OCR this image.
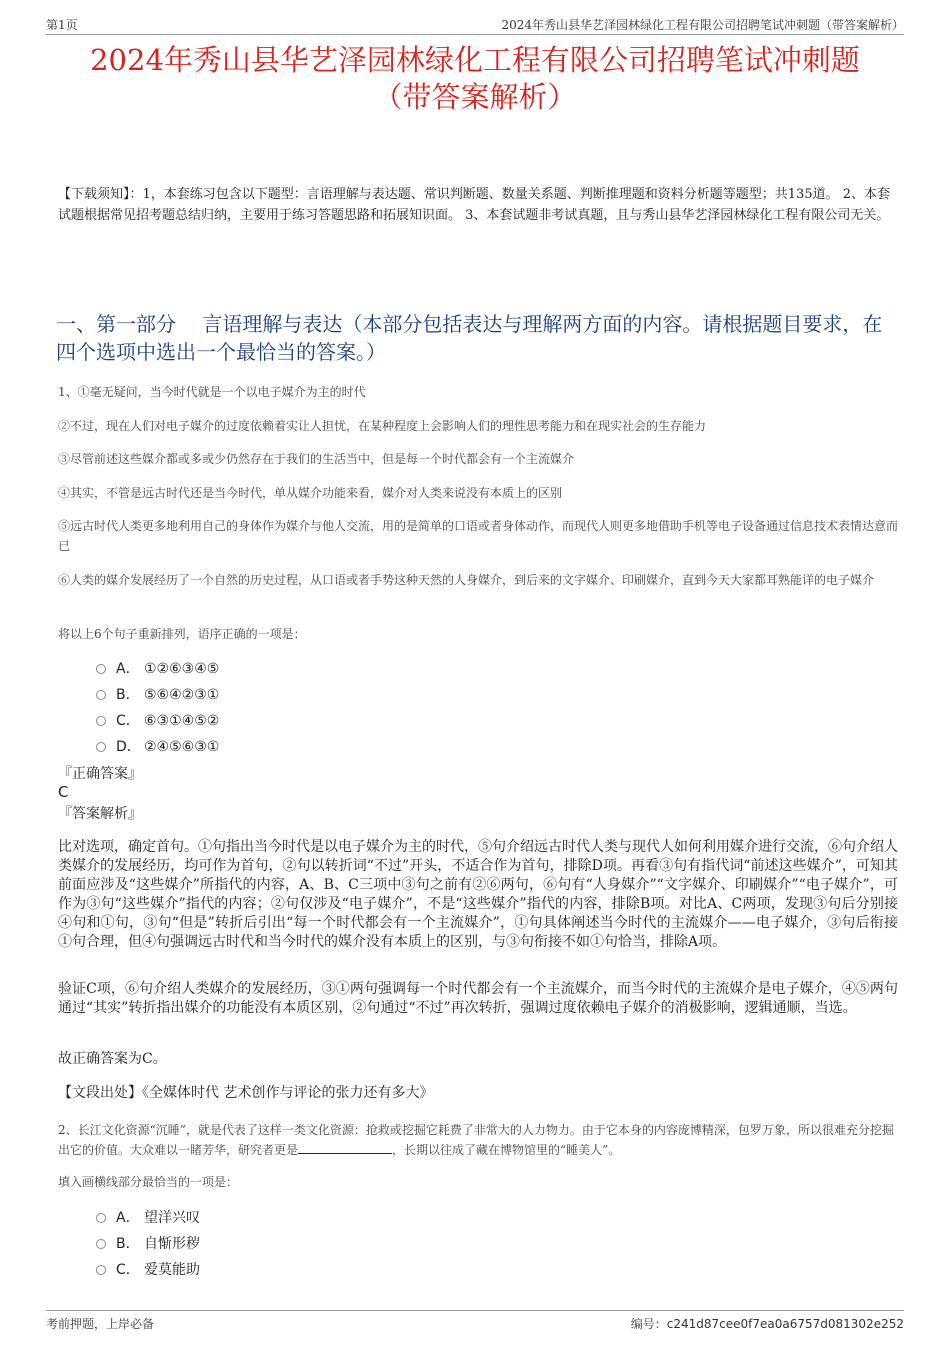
第1页	2024年秀山县华艺泽园林绿化工程有限公司招聘笔试冲刺题（带答案解析）
2024年秀山县华艺泽园林绿化工程有限公司招聘笔试冲刺题
（带答案解析）
【下载须知】：1，本套练习包含以下题型：言语理解与表达题、常识判断题、数量关系题、判断推理题和资料分析题等题型；共135道。 2、本套试题根据常见招考题总结归纳，主要用于练习答题思路和拓展知识面。 3、本套试题非考试真题，且与秀山县华艺泽园林绿化工程有限公司无关。
一、第一部分　 言语理解与表达（本部分包括表达与理解两方面的内容。请根据题目要求，在四个选项中选出一个最恰当的答案。）
1、①毫无疑问，当今时代就是一个以电子媒介为主的时代
②不过，现在人们对电子媒介的过度依赖着实让人担忧，在某种程度上会影响人们的理性思考能力和在现实社会的生存能力
③尽管前述这些媒介都或多或少仍然存在于我们的生活当中，但是每一个时代都会有一个主流媒介
④其实，不管是远古时代还是当今时代，单从媒介功能来看，媒介对人类来说没有本质上的区别
⑤远古时代人类更多地利用自己的身体作为媒介与他人交流，用的是简单的口语或者身体动作，而现代人则更多地借助手机等电子设备通过信息技术表情达意而已
⑥人类的媒介发展经历了一个自然的历史过程，从口语或者手势这种天然的人身媒介，到后来的文字媒介、印刷媒介，直到今天大家都耳熟能详的电子媒介
将以上6个句子重新排列，语序正确的一项是：
A． ①②⑥③④⑤
B． ⑤⑥④②③①
C． ⑥③①④⑤②
D． ②④⑤⑥③①
『正确答案』
C
『答案解析』
比对选项，确定首句。①句指出当今时代是以电子媒介为主的时代，⑤句介绍远古时代人类与现代人如何利用媒介进行交流，⑥句介绍人类媒介的发展经历，均可作为首句，②句以转折词“不过”开头，不适合作为首句，排除D项。再看③句有指代词“前述这些媒介”，可知其前面应涉及“这些媒介”所指代的内容，A、B、C三项中③句之前有②⑥两句，⑥句有“人身媒介”“文字媒介、印刷媒介”“电子媒介”，可作为③句“这些媒介”指代的内容；②句仅涉及“电子媒介”，不是“这些媒介”指代的内容，排除B项。对比A、C两项，发现③句后分别接④句和①句，③句“但是”转折后引出“每一个时代都会有一个主流媒介”，①句具体阐述当今时代的主流媒介——电子媒介，③句后衔接①句合理，但④句强调远古时代和当今时代的媒介没有本质上的区别，与③句衔接不如①句恰当，排除A项。
验证C项，⑥句介绍人类媒介的发展经历，③①两句强调每一个时代都会有一个主流媒介，而当今时代的主流媒介是电子媒介，④⑤两句通过“其实”转折指出媒介的功能没有本质区别，②句通过“不过”再次转折，强调过度依赖电子媒介的消极影响，逻辑通顺，当选。
故正确答案为C。
【文段出处】《全媒体时代 艺术创作与评论的张力还有多大》
2、长江文化资源“沉睡”，就是代表了这样一类文化资源：抢救或挖掘它耗费了非常大的人力物力。由于它本身的内容庞博精深，包罗万象，所以很难充分挖掘出它的价值。大众难以一睹芳华，研究者更是	，长期以往成了藏在博物馆里的“睡美人”。
填入画横线部分最恰当的一项是：
A． 望洋兴叹
B． 自惭形秽
C． 爱莫能助
考前押题，上岸必备	编号：c241d87cee0f7ea0a6757d081302e252
